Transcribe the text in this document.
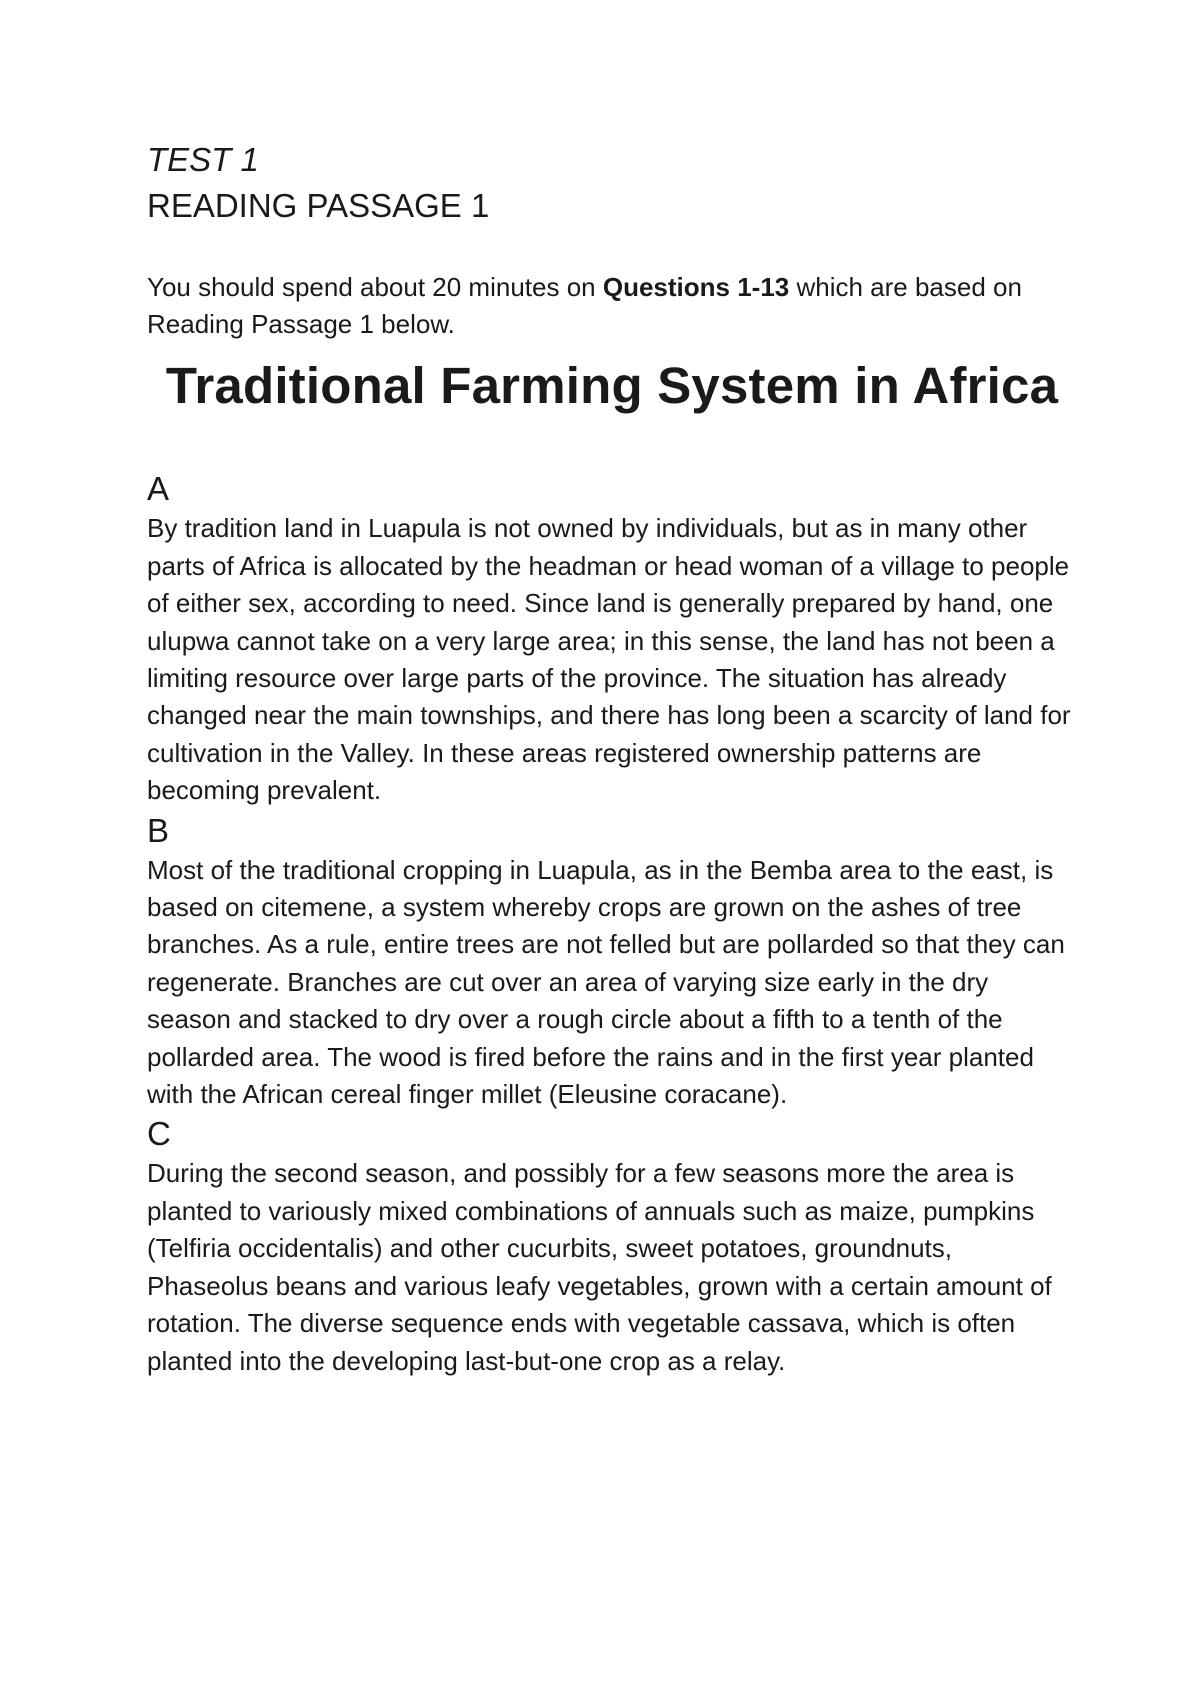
TEST 1

READING PASSAGE 1

You should spend about 20 minutes on Questions 1-13 which are based on Reading Passage 1 below.

Traditional Farming System in Africa

A

By tradition land in Luapula is not owned by individuals, but as in many other parts of Africa is allocated by the headman or head woman of a village to people of either sex, according to need. Since land is generally prepared by hand, one ulupwa cannot take on a very large area; in this sense, the land has not been a limiting resource over large parts of the province. The situation has already changed near the main townships, and there has long been a scarcity of land for cultivation in the Valley. In these areas registered ownership patterns are becoming prevalent.

B

Most of the traditional cropping in Luapula, as in the Bemba area to the east, is based on citemene, a system whereby crops are grown on the ashes of tree branches. As a rule, entire trees are not felled but are pollarded so that they can regenerate. Branches are cut over an area of varying size early in the dry season and stacked to dry over a rough circle about a fifth to a tenth of the pollarded area. The wood is fired before the rains and in the first year planted with the African cereal finger millet (Eleusine coracane).

C

During the second season, and possibly for a few seasons more the area is planted to variously mixed combinations of annuals such as maize, pumpkins (Telfiria occidentalis) and other cucurbits, sweet potatoes, groundnuts, Phaseolus beans and various leafy vegetables, grown with a certain amount of rotation. The diverse sequence ends with vegetable cassava, which is often planted into the developing last-but-one crop as a relay.
